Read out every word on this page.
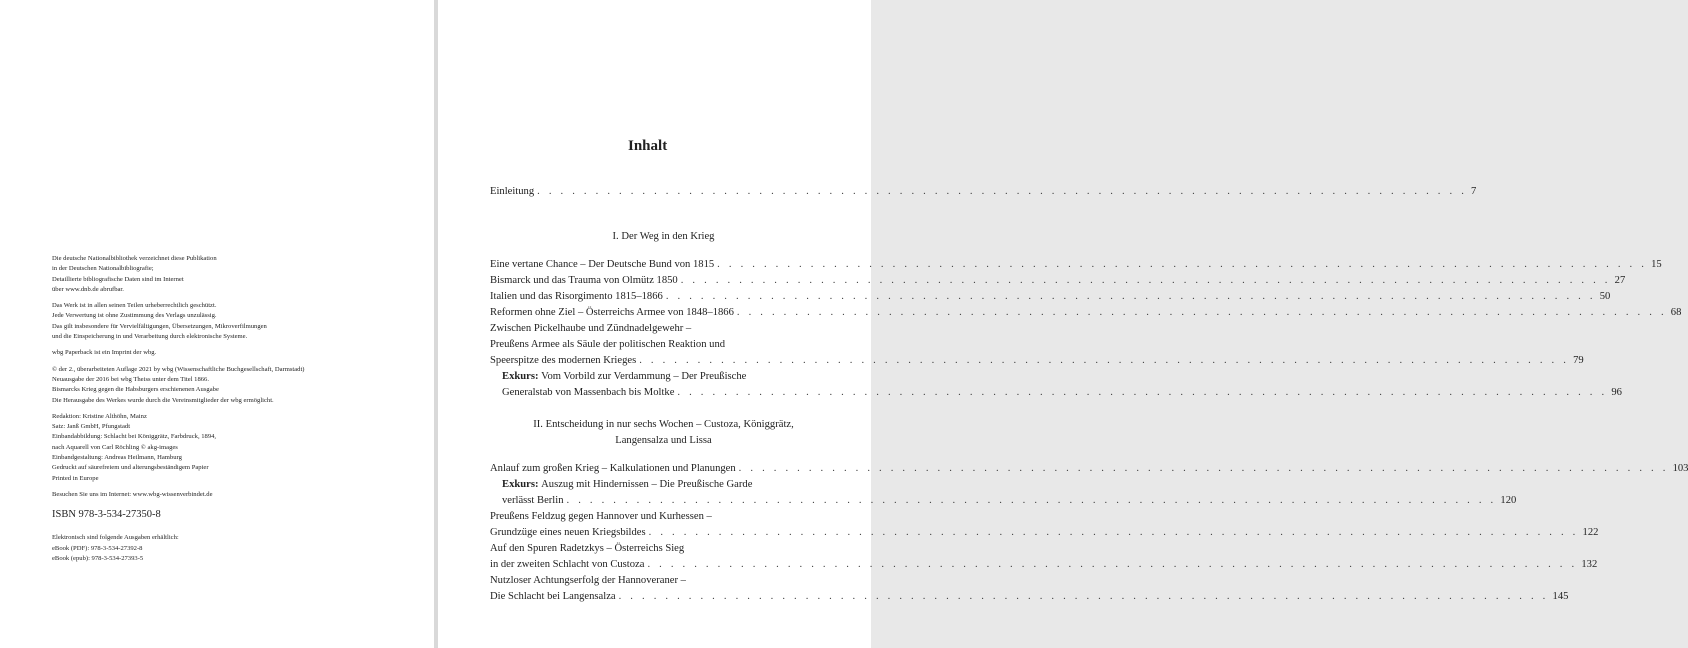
Die deutsche Nationalbibliothek verzeichnet diese Publikation
in der Deutschen Nationalbibliografie;
Detaillierte bibliografische Daten sind im Internet
über www.dnb.de abrufbar.
Das Werk ist in allen seinen Teilen urheberrechtlich geschützt.
Jede Verwertung ist ohne Zustimmung des Verlags unzulässig.
Das gilt insbesondere für Vervielfältigungen, Übersetzungen, Mikroverfilmungen
und die Einspeicherung in und Verarbeitung durch elektronische Systeme.
wbg Paperback ist ein Imprint der wbg.
© der 2., überarbeiteten Auflage 2021 by wbg (Wissenschaftliche Buchgesellschaft, Darmstadt)
Neuausgabe der 2016 bei wbg Theiss unter dem Titel 1866.
Bismarcks Krieg gegen die Habsburgers erschienenen Ausgabe
Die Herausgabe des Werkes wurde durch die Vereinsmitglieder der wbg ermöglicht.
Redaktion: Kristine Althöhn, Mainz
Satz: Janß GmbH, Pfungstadt
Einbandabbildung: Schlacht bei Königgrätz, Farbdruck, 1894,
nach Aquarell von Carl Röchling © akg-images
Einbandgestaltung: Andreas Heilmann, Hamburg
Gedruckt auf säurefreiem und alterungsbeständigem Papier
Printed in Europe
Besuchen Sie uns im Internet: www.wbg-wissenverbindet.de
ISBN 978-3-534-27350-8
Elektronisch sind folgende Ausgaben erhältlich:
eBook (PDF): 978-3-534-27392-8
eBook (epub): 978-3-534-27393-5
Inhalt
Einleitung . . . . . . . . . . . . . . . . . . . . . . . . . . . . . . . . . . . . . . . . . . . . . . . . . . . . . . . . . . . . . . . . . . . . . . . . . . . . . . . . 7
I. Der Weg in den Krieg
Eine vertane Chance – Der Deutsche Bund von 1815 . . . . . . . . . . . . . . . . . . . . . . . . . . . . . . . . . . . . . . . . . . . . . . . . . . . . . . . . . . . . . . . . . . . . . . . . . . . . . . . . 15
Bismarck und das Trauma von Olmütz 1850 . . . . . . . . . . . . . . . . . . . . . . . . . . . . . . . . . . . . . . . . . . . . . . . . . . . . . . . . . . . . . . . . . . . . . . . . . . . . . . . . 27
Italien und das Risorgimento 1815–1866 . . . . . . . . . . . . . . . . . . . . . . . . . . . . . . . . . . . . . . . . . . . . . . . . . . . . . . . . . . . . . . . . . . . . . . . . . . . . . . . . 50
Reformen ohne Ziel – Österreichs Armee von 1848–1866 . . . . . . . . . . . . . . . . . . . . . . . . . . . . . . . . . . . . . . . . . . . . . . . . . . . . . . . . . . . . . . . . . . . . . . . . . . . . . . . . 68
Zwischen Pickelhaube und Zündnadelgewehr –
Preußens Armee als Säule der politischen Reaktion und
Speerspitze des modernen Krieges . . . . . . . . . . . . . . . . . . . . . . . . . . . . . . . . . . . . . . . . . . . . . . . . . . . . . . . . . . . . . . . . . . . . . . . . . . . . . . . . 79
Exkurs: Vom Vorbild zur Verdammung – Der Preußische
Generalstab von Massenbach bis Moltke . . . . . . . . . . . . . . . . . . . . . . . . . . . . . . . . . . . . . . . . . . . . . . . . . . . . . . . . . . . . . . . . . . . . . . . . . . . . . . . . 96
II. Entscheidung in nur sechs Wochen – Custoza, Königgrätz,
Langensalza und Lissa
Anlauf zum großen Krieg – Kalkulationen und Planungen . . . . . . . . . . . . . . . . . . . . . . . . . . . . . . . . . . . . . . . . . . . . . . . . . . . . . . . . . . . . . . . . . . . . . . . . . . . . . . . . 103
Exkurs: Auszug mit Hindernissen – Die Preußische Garde
verlässt Berlin . . . . . . . . . . . . . . . . . . . . . . . . . . . . . . . . . . . . . . . . . . . . . . . . . . . . . . . . . . . . . . . . . . . . . . . . . . . . . . . . 120
Preußens Feldzug gegen Hannover und Kurhessen –
Grundzüge eines neuen Kriegsbildes . . . . . . . . . . . . . . . . . . . . . . . . . . . . . . . . . . . . . . . . . . . . . . . . . . . . . . . . . . . . . . . . . . . . . . . . . . . . . . . . 122
Auf den Spuren Radetzkys – Österreichs Sieg
in der zweiten Schlacht von Custoza . . . . . . . . . . . . . . . . . . . . . . . . . . . . . . . . . . . . . . . . . . . . . . . . . . . . . . . . . . . . . . . . . . . . . . . . . . . . . . . . 132
Nutzloser Achtungserfolg der Hannoveraner –
Die Schlacht bei Langensalza . . . . . . . . . . . . . . . . . . . . . . . . . . . . . . . . . . . . . . . . . . . . . . . . . . . . . . . . . . . . . . . . . . . . . . . . . . . . . . . . 145
